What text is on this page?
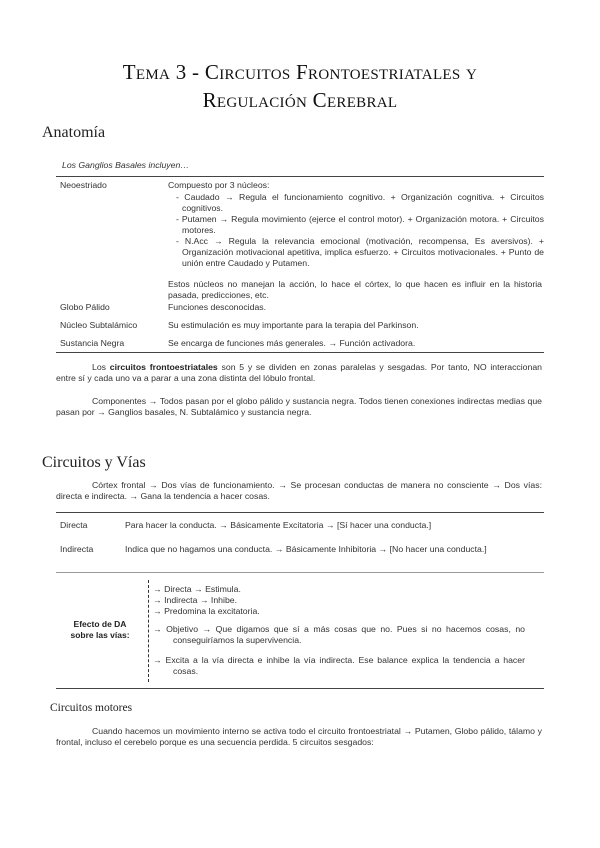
Tema 3 - Circuitos Frontoestriatales y
Regulación Cerebral
Anatomía
Los Ganglios Basales incluyen…
Neoestriado	Compuesto por 3 núcleos:
- Caudado → Regula el funcionamiento cognitivo. + Organización cognitiva. + Circuitos cognitivos.
- Putamen → Regula movimiento (ejerce el control motor). + Organización motora. + Circuitos motores.
- N.Acc → Regula la relevancia emocional (motivación, recompensa, Es aversivos). + Organización motivacional apetitiva, implica esfuerzo. + Circuitos motivacionales. + Punto de unión entre Caudado y Putamen.
Estos núcleos no manejan la acción, lo hace el córtex, lo que hacen es influir en la historia pasada, predicciones, etc.
Globo Pálido	Funciones desconocidas.
Núcleo Subtalámico	Su estimulación es muy importante para la terapia del Parkinson.
Sustancia Negra	Se encarga de funciones más generales. → Función activadora.
Los circuitos frontoestriatales son 5 y se dividen en zonas paralelas y sesgadas. Por tanto, NO interaccionan entre sí y cada uno va a parar a una zona distinta del lóbulo frontal.
Componentes → Todos pasan por el globo pálido y sustancia negra. Todos tienen conexiones indirectas medias que pasan por → Ganglios basales, N. Subtalámico y sustancia negra.
Circuitos y Vías
Córtex frontal → Dos vías de funcionamiento. → Se procesan conductas de manera no consciente → Dos vías: directa e indirecta. → Gana la tendencia a hacer cosas.
Directa	Para hacer la conducta. → Básicamente Excitatoria → [Sí hacer una conducta.]
Indirecta	Indica que no hagamos una conducta. → Básicamente Inhibitoria → [No hacer una conducta.]
Efecto de DA
sobre las vías:
→ Directa → Estimula.
→ Indirecta → Inhibe.
→ Predomina la excitatoria.
→ Objetivo → Que digamos que sí a más cosas que no. Pues si no hacemos cosas, no conseguiríamos la supervivencia.
→ Excita a la vía directa e inhibe la vía indirecta. Ese balance explica la tendencia a hacer cosas.
Circuitos motores
Cuando hacemos un movimiento interno se activa todo el circuito frontoestriatal → Putamen, Globo pálido, tálamo y frontal, incluso el cerebelo porque es una secuencia perdida. 5 circuitos sesgados:
